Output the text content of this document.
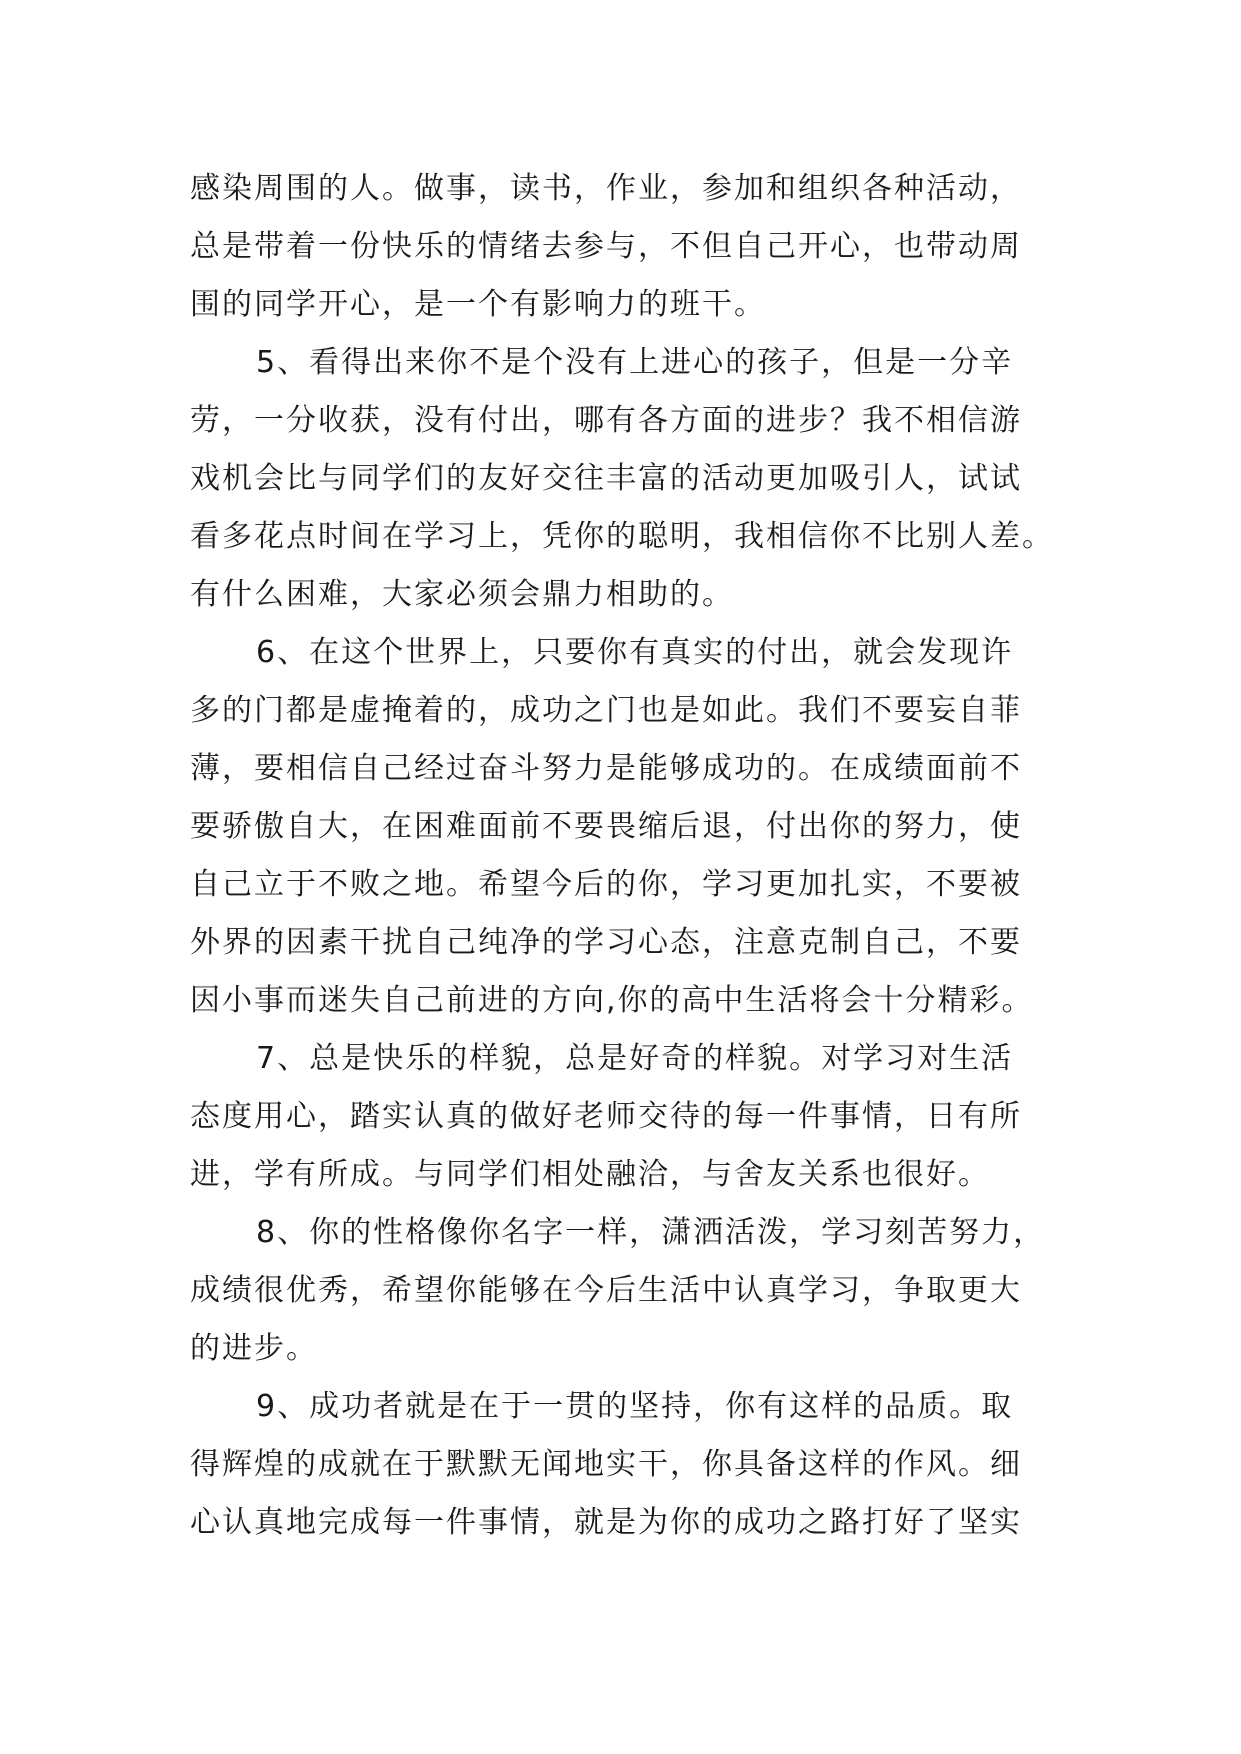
感染周围的人。做事，读书，作业，参加和组织各种活动，
总是带着一份快乐的情绪去参与，不但自己开心，也带动周
围的同学开心，是一个有影响力的班干。
5、看得出来你不是个没有上进心的孩子，但是一分辛
劳，一分收获，没有付出，哪有各方面的进步？我不相信游
戏机会比与同学们的友好交往丰富的活动更加吸引人，试试
看多花点时间在学习上，凭你的聪明，我相信你不比别人差。
有什么困难，大家必须会鼎力相助的。
6、在这个世界上，只要你有真实的付出，就会发现许
多的门都是虚掩着的，成功之门也是如此。我们不要妄自菲
薄，要相信自己经过奋斗努力是能够成功的。在成绩面前不
要骄傲自大，在困难面前不要畏缩后退，付出你的努力，使
自己立于不败之地。希望今后的你，学习更加扎实，不要被
外界的因素干扰自己纯净的学习心态，注意克制自己，不要
因小事而迷失自己前进的方向,你的高中生活将会十分精彩。
7、总是快乐的样貌，总是好奇的样貌。对学习对生活
态度用心，踏实认真的做好老师交待的每一件事情，日有所
进，学有所成。与同学们相处融洽，与舍友关系也很好。
8、你的性格像你名字一样，潇洒活泼，学习刻苦努力，
成绩很优秀，希望你能够在今后生活中认真学习，争取更大
的进步。
9、成功者就是在于一贯的坚持，你有这样的品质。取
得辉煌的成就在于默默无闻地实干，你具备这样的作风。细
心认真地完成每一件事情，就是为你的成功之路打好了坚实
